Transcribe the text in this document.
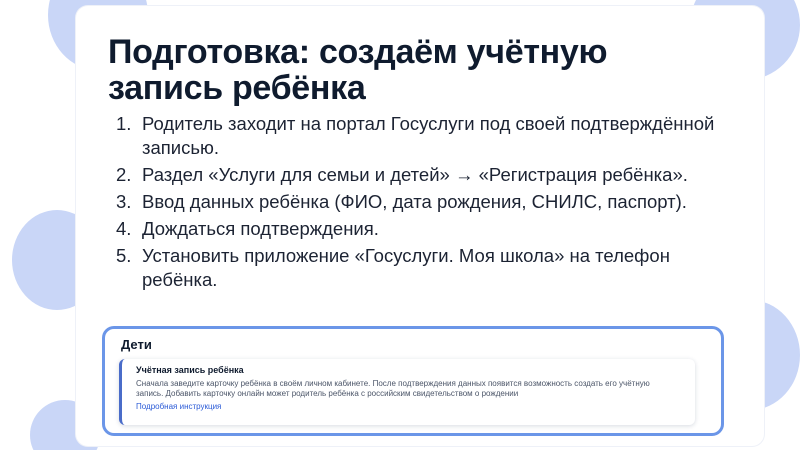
Подготовка: создаём учётную запись ребёнка
1. Родитель заходит на портал Госуслуги под своей подтверждённой записью.
2. Раздел «Услуги для семьи и детей» → «Регистрация ребёнка».
3. Ввод данных ребёнка (ФИО, дата рождения, СНИЛС, паспорт).
4. Дождаться подтверждения.
5. Установить приложение «Госуслуги. Моя школа» на телефон ребёнка.
Дети
Учётная запись ребёнка
Сначала заведите карточку ребёнка в своём личном кабинете. После подтверждения данных появится возможность создать его учётную запись. Добавить карточку онлайн может родитель ребёнка с российским свидетельством о рождении
Подробная инструкция
